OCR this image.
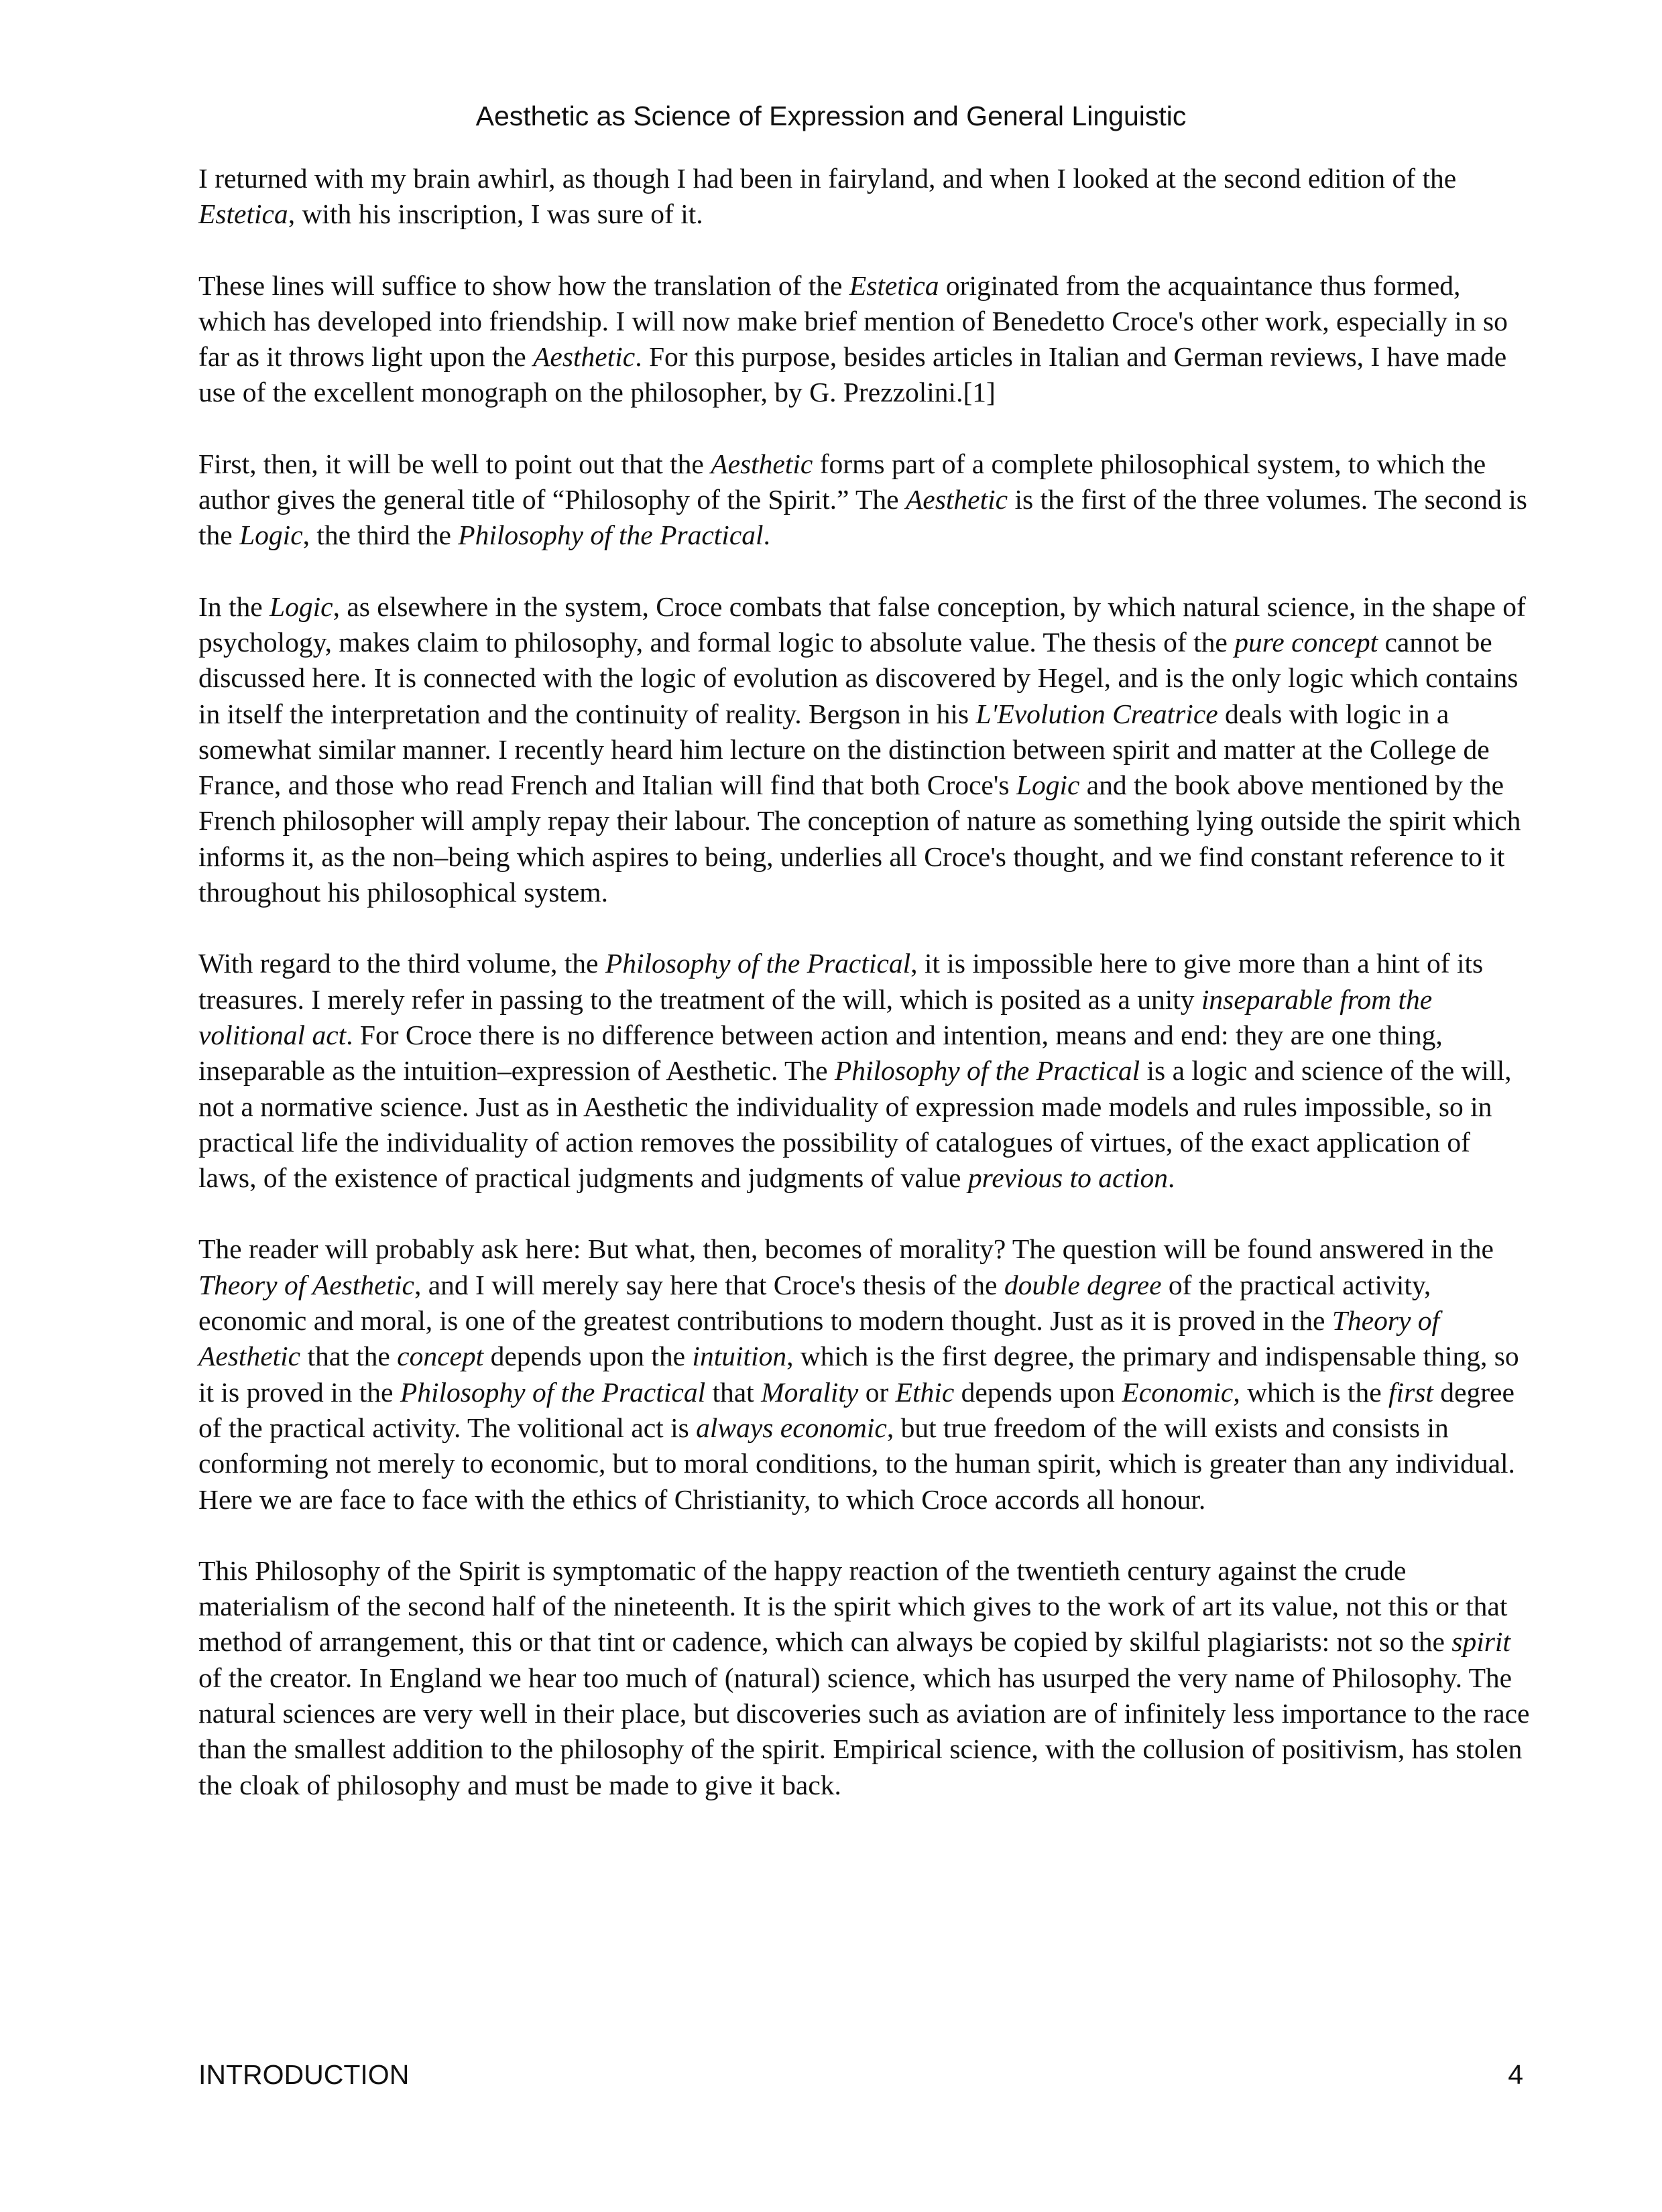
Aesthetic as Science of Expression and General Linguistic

I returned with my brain awhirl, as though I had been in fairyland, and when I looked at the second edition of the Estetica, with his inscription, I was sure of it.

These lines will suffice to show how the translation of the Estetica originated from the acquaintance thus formed, which has developed into friendship. I will now make brief mention of Benedetto Croce's other work, especially in so far as it throws light upon the Aesthetic. For this purpose, besides articles in Italian and German reviews, I have made use of the excellent monograph on the philosopher, by G. Prezzolini.[1]

First, then, it will be well to point out that the Aesthetic forms part of a complete philosophical system, to which the author gives the general title of “Philosophy of the Spirit.” The Aesthetic is the first of the three volumes. The second is the Logic, the third the Philosophy of the Practical.

In the Logic, as elsewhere in the system, Croce combats that false conception, by which natural science, in the shape of psychology, makes claim to philosophy, and formal logic to absolute value. The thesis of the pure concept cannot be discussed here. It is connected with the logic of evolution as discovered by Hegel, and is the only logic which contains in itself the interpretation and the continuity of reality. Bergson in his L'Evolution Creatrice deals with logic in a somewhat similar manner. I recently heard him lecture on the distinction between spirit and matter at the College de France, and those who read French and Italian will find that both Croce's Logic and the book above mentioned by the French philosopher will amply repay their labour. The conception of nature as something lying outside the spirit which informs it, as the non–being which aspires to being, underlies all Croce's thought, and we find constant reference to it throughout his philosophical system.

With regard to the third volume, the Philosophy of the Practical, it is impossible here to give more than a hint of its treasures. I merely refer in passing to the treatment of the will, which is posited as a unity inseparable from the volitional act. For Croce there is no difference between action and intention, means and end: they are one thing, inseparable as the intuition–expression of Aesthetic. The Philosophy of the Practical is a logic and science of the will, not a normative science. Just as in Aesthetic the individuality of expression made models and rules impossible, so in practical life the individuality of action removes the possibility of catalogues of virtues, of the exact application of laws, of the existence of practical judgments and judgments of value previous to action.

The reader will probably ask here: But what, then, becomes of morality? The question will be found answered in the Theory of Aesthetic, and I will merely say here that Croce's thesis of the double degree of the practical activity, economic and moral, is one of the greatest contributions to modern thought. Just as it is proved in the Theory of Aesthetic that the concept depends upon the intuition, which is the first degree, the primary and indispensable thing, so it is proved in the Philosophy of the Practical that Morality or Ethic depends upon Economic, which is the first degree of the practical activity. The volitional act is always economic, but true freedom of the will exists and consists in conforming not merely to economic, but to moral conditions, to the human spirit, which is greater than any individual. Here we are face to face with the ethics of Christianity, to which Croce accords all honour.

This Philosophy of the Spirit is symptomatic of the happy reaction of the twentieth century against the crude materialism of the second half of the nineteenth. It is the spirit which gives to the work of art its value, not this or that method of arrangement, this or that tint or cadence, which can always be copied by skilful plagiarists: not so the spirit of the creator. In England we hear too much of (natural) science, which has usurped the very name of Philosophy. The natural sciences are very well in their place, but discoveries such as aviation are of infinitely less importance to the race than the smallest addition to the philosophy of the spirit. Empirical science, with the collusion of positivism, has stolen the cloak of philosophy and must be made to give it back.

INTRODUCTION	4
